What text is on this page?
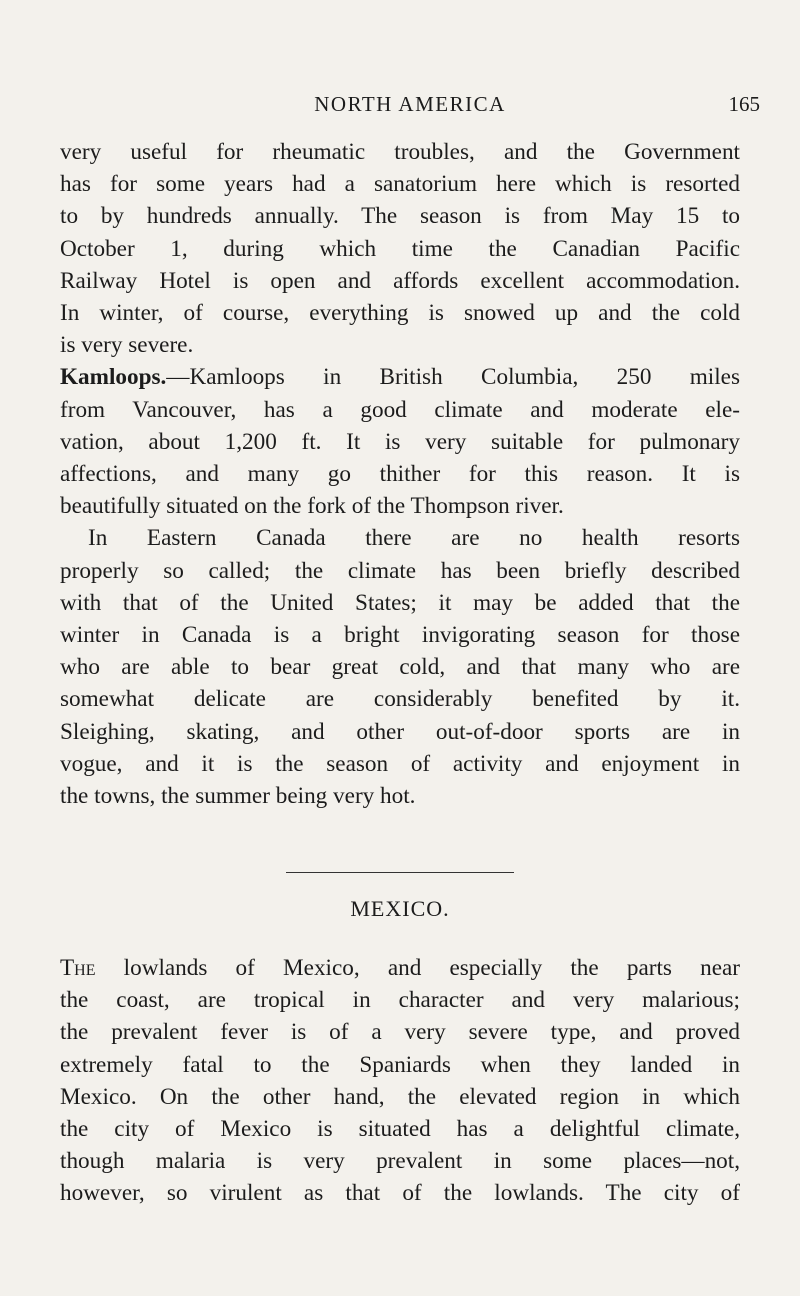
NORTH AMERICA	165
very useful for rheumatic troubles, and the Government
has for some years had a sanatorium here which is resorted
to by hundreds annually. The season is from May 15 to
October 1, during which time the Canadian Pacific
Railway Hotel is open and affords excellent accommodation.
In winter, of course, everything is snowed up and the cold
is very severe.
Kamloops.—Kamloops in British Columbia, 250 miles
from Vancouver, has a good climate and moderate ele-
vation, about 1,200 ft. It is very suitable for pulmonary
affections, and many go thither for this reason. It is
beautifully situated on the fork of the Thompson river.
In Eastern Canada there are no health resorts
properly so called; the climate has been briefly described
with that of the United States; it may be added that the
winter in Canada is a bright invigorating season for those
who are able to bear great cold, and that many who are
somewhat delicate are considerably benefited by it.
Sleighing, skating, and other out-of-door sports are in
vogue, and it is the season of activity and enjoyment in
the towns, the summer being very hot.
MEXICO.
The lowlands of Mexico, and especially the parts near
the coast, are tropical in character and very malarious;
the prevalent fever is of a very severe type, and proved
extremely fatal to the Spaniards when they landed in
Mexico. On the other hand, the elevated region in which
the city of Mexico is situated has a delightful climate,
though malaria is very prevalent in some places—not,
however, so virulent as that of the lowlands. The city of
